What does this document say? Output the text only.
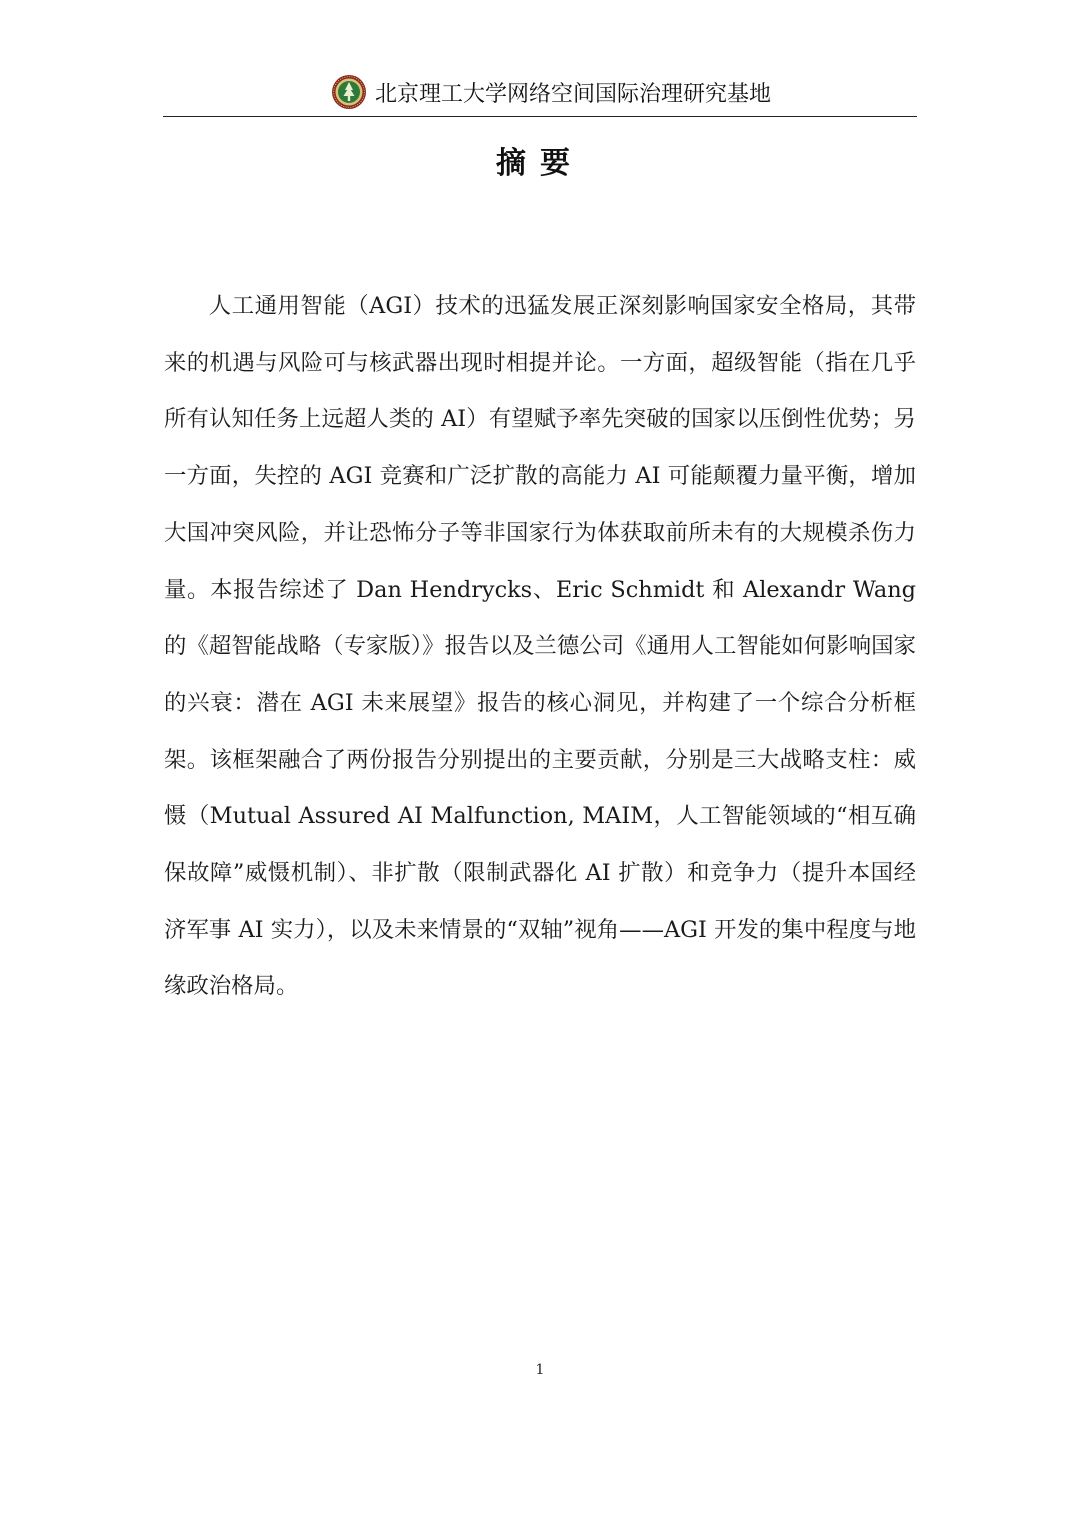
北京理工大学网络空间国际治理研究基地
摘要

人工通用智能（AGI）技术的迅猛发展正深刻影响国家安全格局，其带来的机遇与风险可与核武器出现时相提并论。一方面，超级智能（指在几乎所有认知任务上远超人类的 AI）有望赋予率先突破的国家以压倒性优势；另一方面，失控的 AGI 竞赛和广泛扩散的高能力 AI 可能颠覆力量平衡，增加大国冲突风险，并让恐怖分子等非国家行为体获取前所未有的大规模杀伤力量。本报告综述了 Dan Hendrycks、Eric Schmidt 和 Alexandr Wang 的《超智能战略（专家版）》报告以及兰德公司《通用人工智能如何影响国家的兴衰：潜在 AGI 未来展望》报告的核心洞见，并构建了一个综合分析框架。该框架融合了两份报告分别提出的主要贡献，分别是三大战略支柱：威慑（Mutual Assured AI Malfunction, MAIM，人工智能领域的“相互确保故障”威慑机制）、非扩散（限制武器化 AI 扩散）和竞争力（提升本国经济军事 AI 实力），以及未来情景的“双轴”视角——AGI 开发的集中程度与地缘政治格局。

1
